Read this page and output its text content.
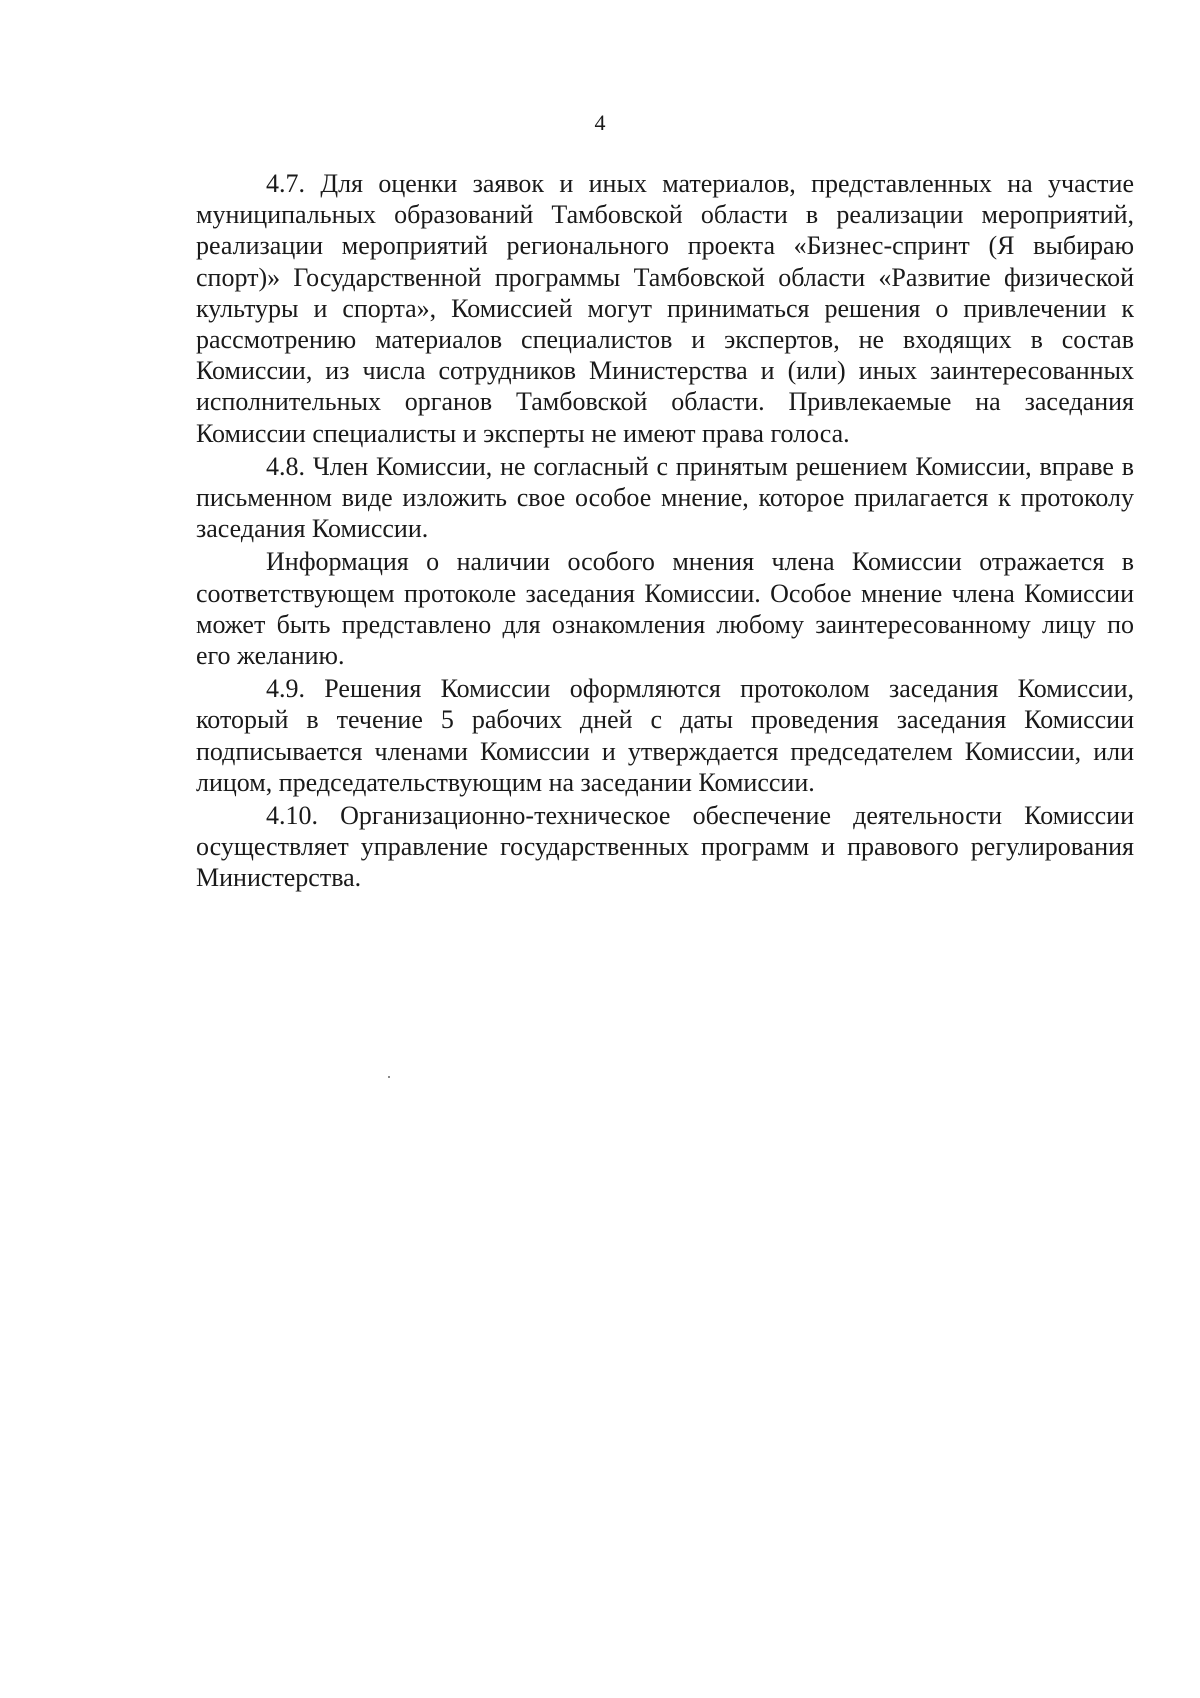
4

4.7. Для оценки заявок и иных материалов, представленных на участие муниципальных образований Тамбовской области в реализации мероприятий, реализации мероприятий регионального проекта «Бизнес-спринт (Я выбираю спорт)» Государственной программы Тамбовской области «Развитие физической культуры и спорта», Комиссией могут приниматься решения о привлечении к рассмотрению материалов специалистов и экспертов, не входящих в состав Комиссии, из числа сотрудников Министерства и (или) иных заинтересованных исполнительных органов Тамбовской области. Привлекаемые на заседания Комиссии специалисты и эксперты не имеют права голоса.

4.8. Член Комиссии, не согласный с принятым решением Комиссии, вправе в письменном виде изложить свое особое мнение, которое прилагается к протоколу заседания Комиссии.

Информация о наличии особого мнения члена Комиссии отражается в соответствующем протоколе заседания Комиссии. Особое мнение члена Комиссии может быть представлено для ознакомления любому заинтересованному лицу по его желанию.

4.9. Решения Комиссии оформляются протоколом заседания Комиссии, который в течение 5 рабочих дней с даты проведения заседания Комиссии подписывается членами Комиссии и утверждается председателем Комиссии, или лицом, председательствующим на заседании Комиссии.

4.10. Организационно-техническое обеспечение деятельности Комиссии осуществляет управление государственных программ и правового регулирования Министерства.
